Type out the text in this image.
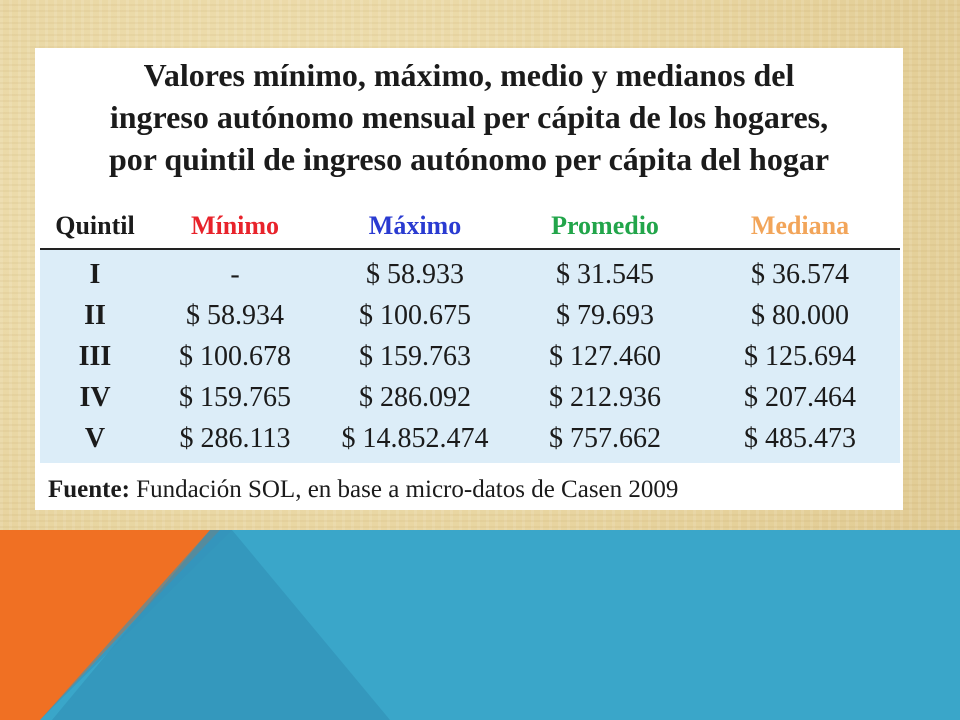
Valores mínimo, máximo, medio y medianos del
ingreso autónomo mensual per cápita de los hogares,
por quintil de ingreso autónomo per cápita del hogar
Quintil	Mínimo	Máximo	Promedio	Mediana
I	-	$ 58.933	$ 31.545	$ 36.574
II	$ 58.934	$ 100.675	$ 79.693	$ 80.000
III	$ 100.678	$ 159.763	$ 127.460	$ 125.694
IV	$ 159.765	$ 286.092	$ 212.936	$ 207.464
V	$ 286.113	$ 14.852.474	$ 757.662	$ 485.473
Fuente: Fundación SOL, en base a micro-datos de Casen 2009
